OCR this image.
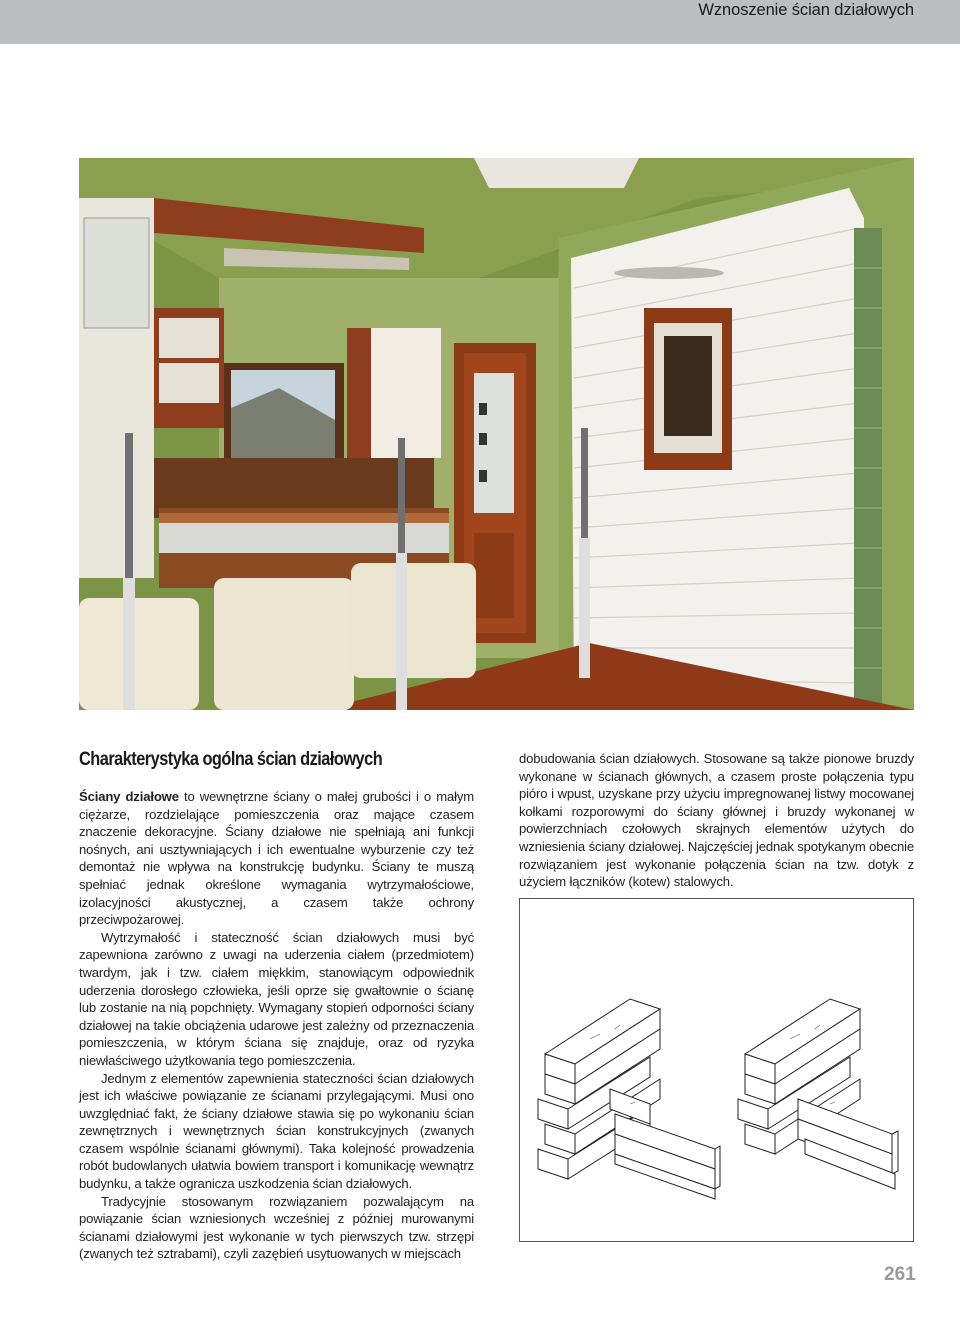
Wznoszenie ścian działowych
Charakterystyka ogólna ścian działowych

Ściany działowe to wewnętrzne ściany o małej grubości i o małym ciężarze, rozdzielające pomieszczenia oraz mające czasem znaczenie dekoracyjne. Ściany działowe nie spełniają ani funkcji nośnych, ani usztywniających i ich ewentualne wyburzenie czy też demontaż nie wpływa na konstrukcję budynku. Ściany te muszą spełniać jednak określone wymagania wytrzymałościowe, izolacyjności akustycznej, a czasem także ochrony przeciwpożarowej.

Wytrzymałość i stateczność ścian działowych musi być zapewniona zarówno z uwagi na uderzenia ciałem (przedmiotem) twardym, jak i tzw. ciałem miękkim, stanowiącym odpowiednik uderzenia dorosłego człowieka, jeśli oprze się gwałtownie o ścianę lub zostanie na nią popchnięty. Wymagany stopień odporności ściany działowej na takie obciążenia udarowe jest zależny od przeznaczenia pomieszczenia, w którym ściana się znajduje, oraz od ryzyka niewłaściwego użytkowania tego pomieszczenia.

Jednym z elementów zapewnienia stateczności ścian działowych jest ich właściwe powiązanie ze ścianami przylegającymi. Musi ono uwzględniać fakt, że ściany działowe stawia się po wykonaniu ścian zewnętrznych i wewnętrznych ścian konstrukcyjnych (zwanych czasem wspólnie ścianami głównymi). Taka kolejność prowadzenia robót budowlanych ułatwia bowiem transport i komunikację wewnątrz budynku, a także ogranicza uszkodzenia ścian działowych.

Tradycyjnie stosowanym rozwiązaniem pozwalającym na powiązanie ścian wzniesionych wcześniej z później murowanymi ścianami działowymi jest wykonanie w tych pierwszych tzw. strzępi (zwanych też sztrabami), czyli zazębień usytuowanych w miejscach

dobudowania ścian działowych. Stosowane są także pionowe bruzdy wykonane w ścianach głównych, a czasem proste połączenia typu pióro i wpust, uzyskane przy użyciu impregnowanej listwy mocowanej kołkami rozporowymi do ściany głównej i bruzdy wykonanej w powierzchniach czołowych skrajnych elementów użytych do wzniesienia ściany działowej. Najczęściej jednak spotykanym obecnie rozwiązaniem jest wykonanie połączenia ścian na tzw. dotyk z użyciem łączników (kotew) stalowych.

261
